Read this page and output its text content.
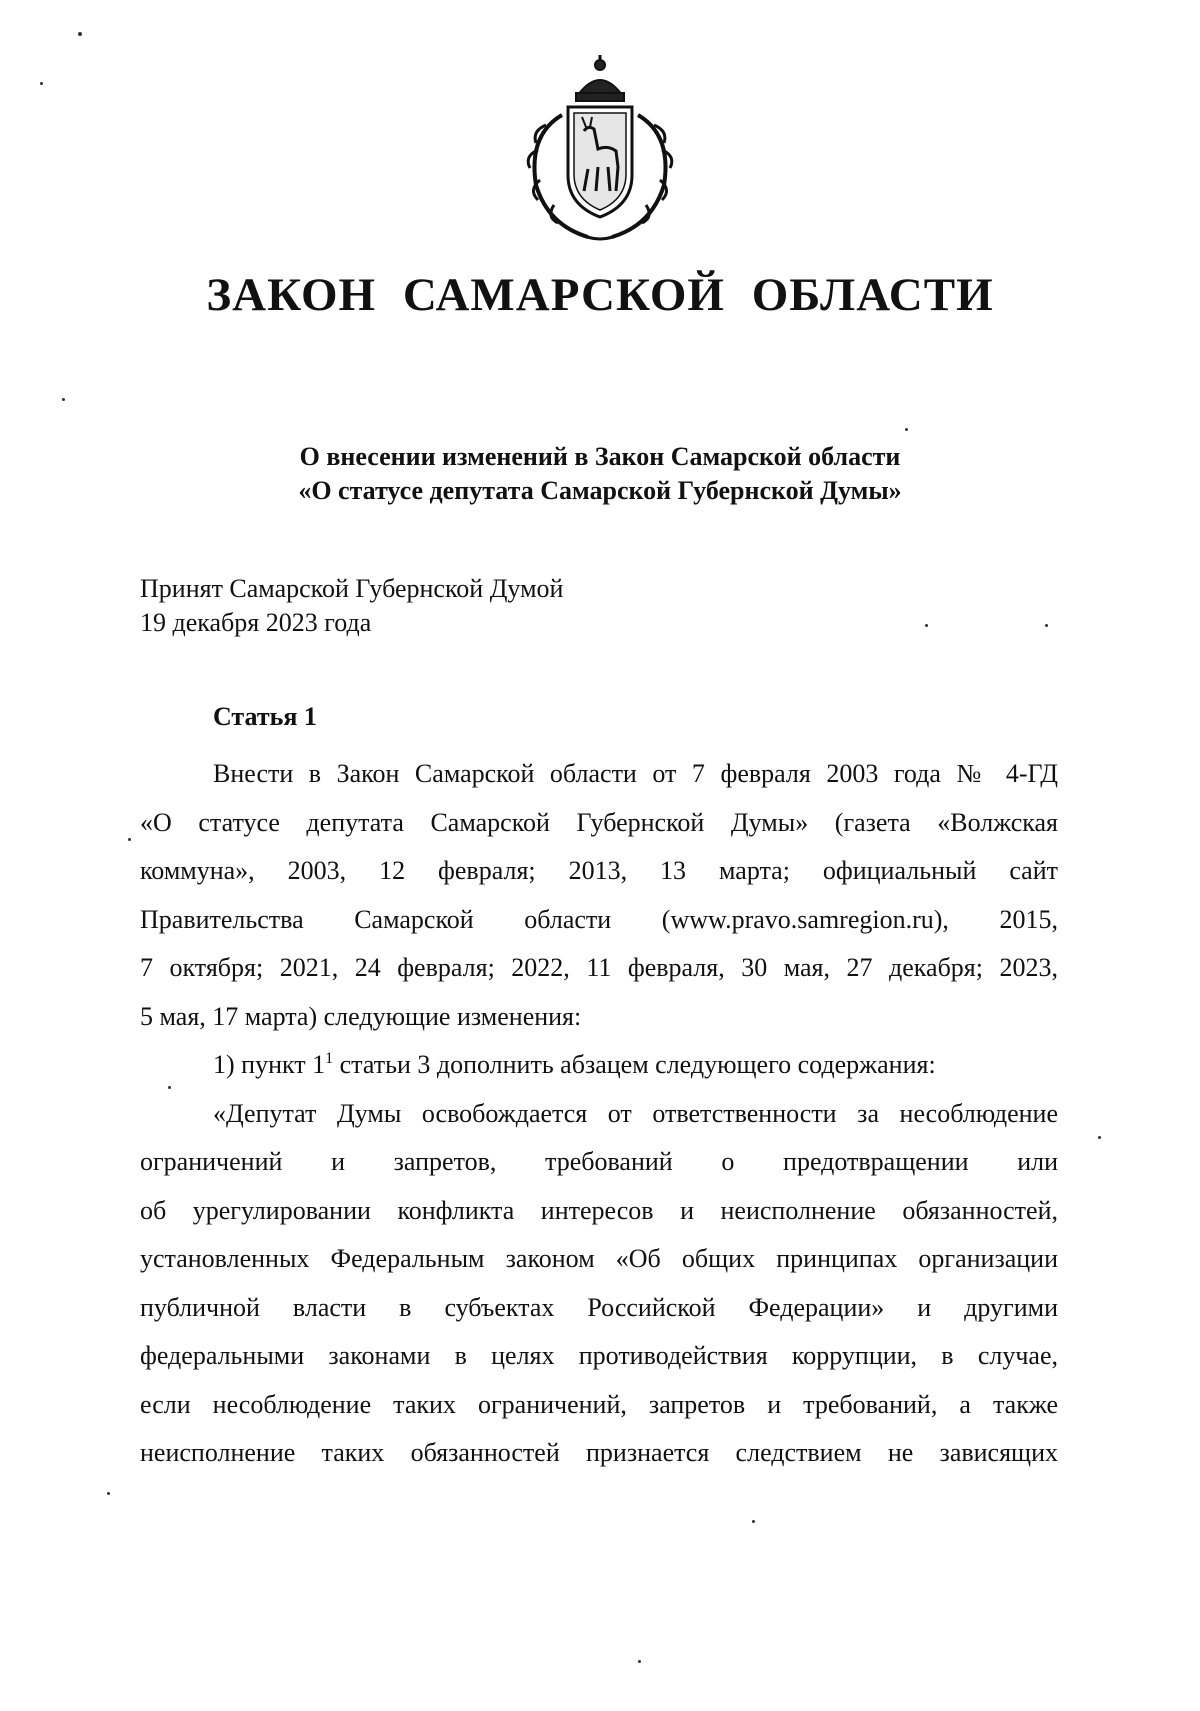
ЗАКОН САМАРСКОЙ ОБЛАСТИ
О внесении изменений в Закон Самарской области
«О статусе депутата Самарской Губернской Думы»
Принят Самарской Губернской Думой
19 декабря 2023 года
Статья 1
Внести в Закон Самарской области от 7 февраля 2003 года № 4-ГД
«О статусе депутата Самарской Губернской Думы» (газета «Волжская
коммуна», 2003, 12 февраля; 2013, 13 марта; официальный сайт
Правительства Самарской области (www.pravo.samregion.ru), 2015,
7 октября; 2021, 24 февраля; 2022, 11 февраля, 30 мая, 27 декабря; 2023,
5 мая, 17 марта) следующие изменения:
1) пункт $1^1$ статьи 3 дополнить абзацем следующего содержания:
«Депутат Думы освобождается от ответственности за несоблюдение
ограничений и запретов, требований о предотвращении или
об урегулировании конфликта интересов и неисполнение обязанностей,
установленных Федеральным законом «Об общих принципах организации
публичной власти в субъектах Российской Федерации» и другими
федеральными законами в целях противодействия коррупции, в случае,
если несоблюдение таких ограничений, запретов и требований, а также
неисполнение таких обязанностей признается следствием не зависящих
